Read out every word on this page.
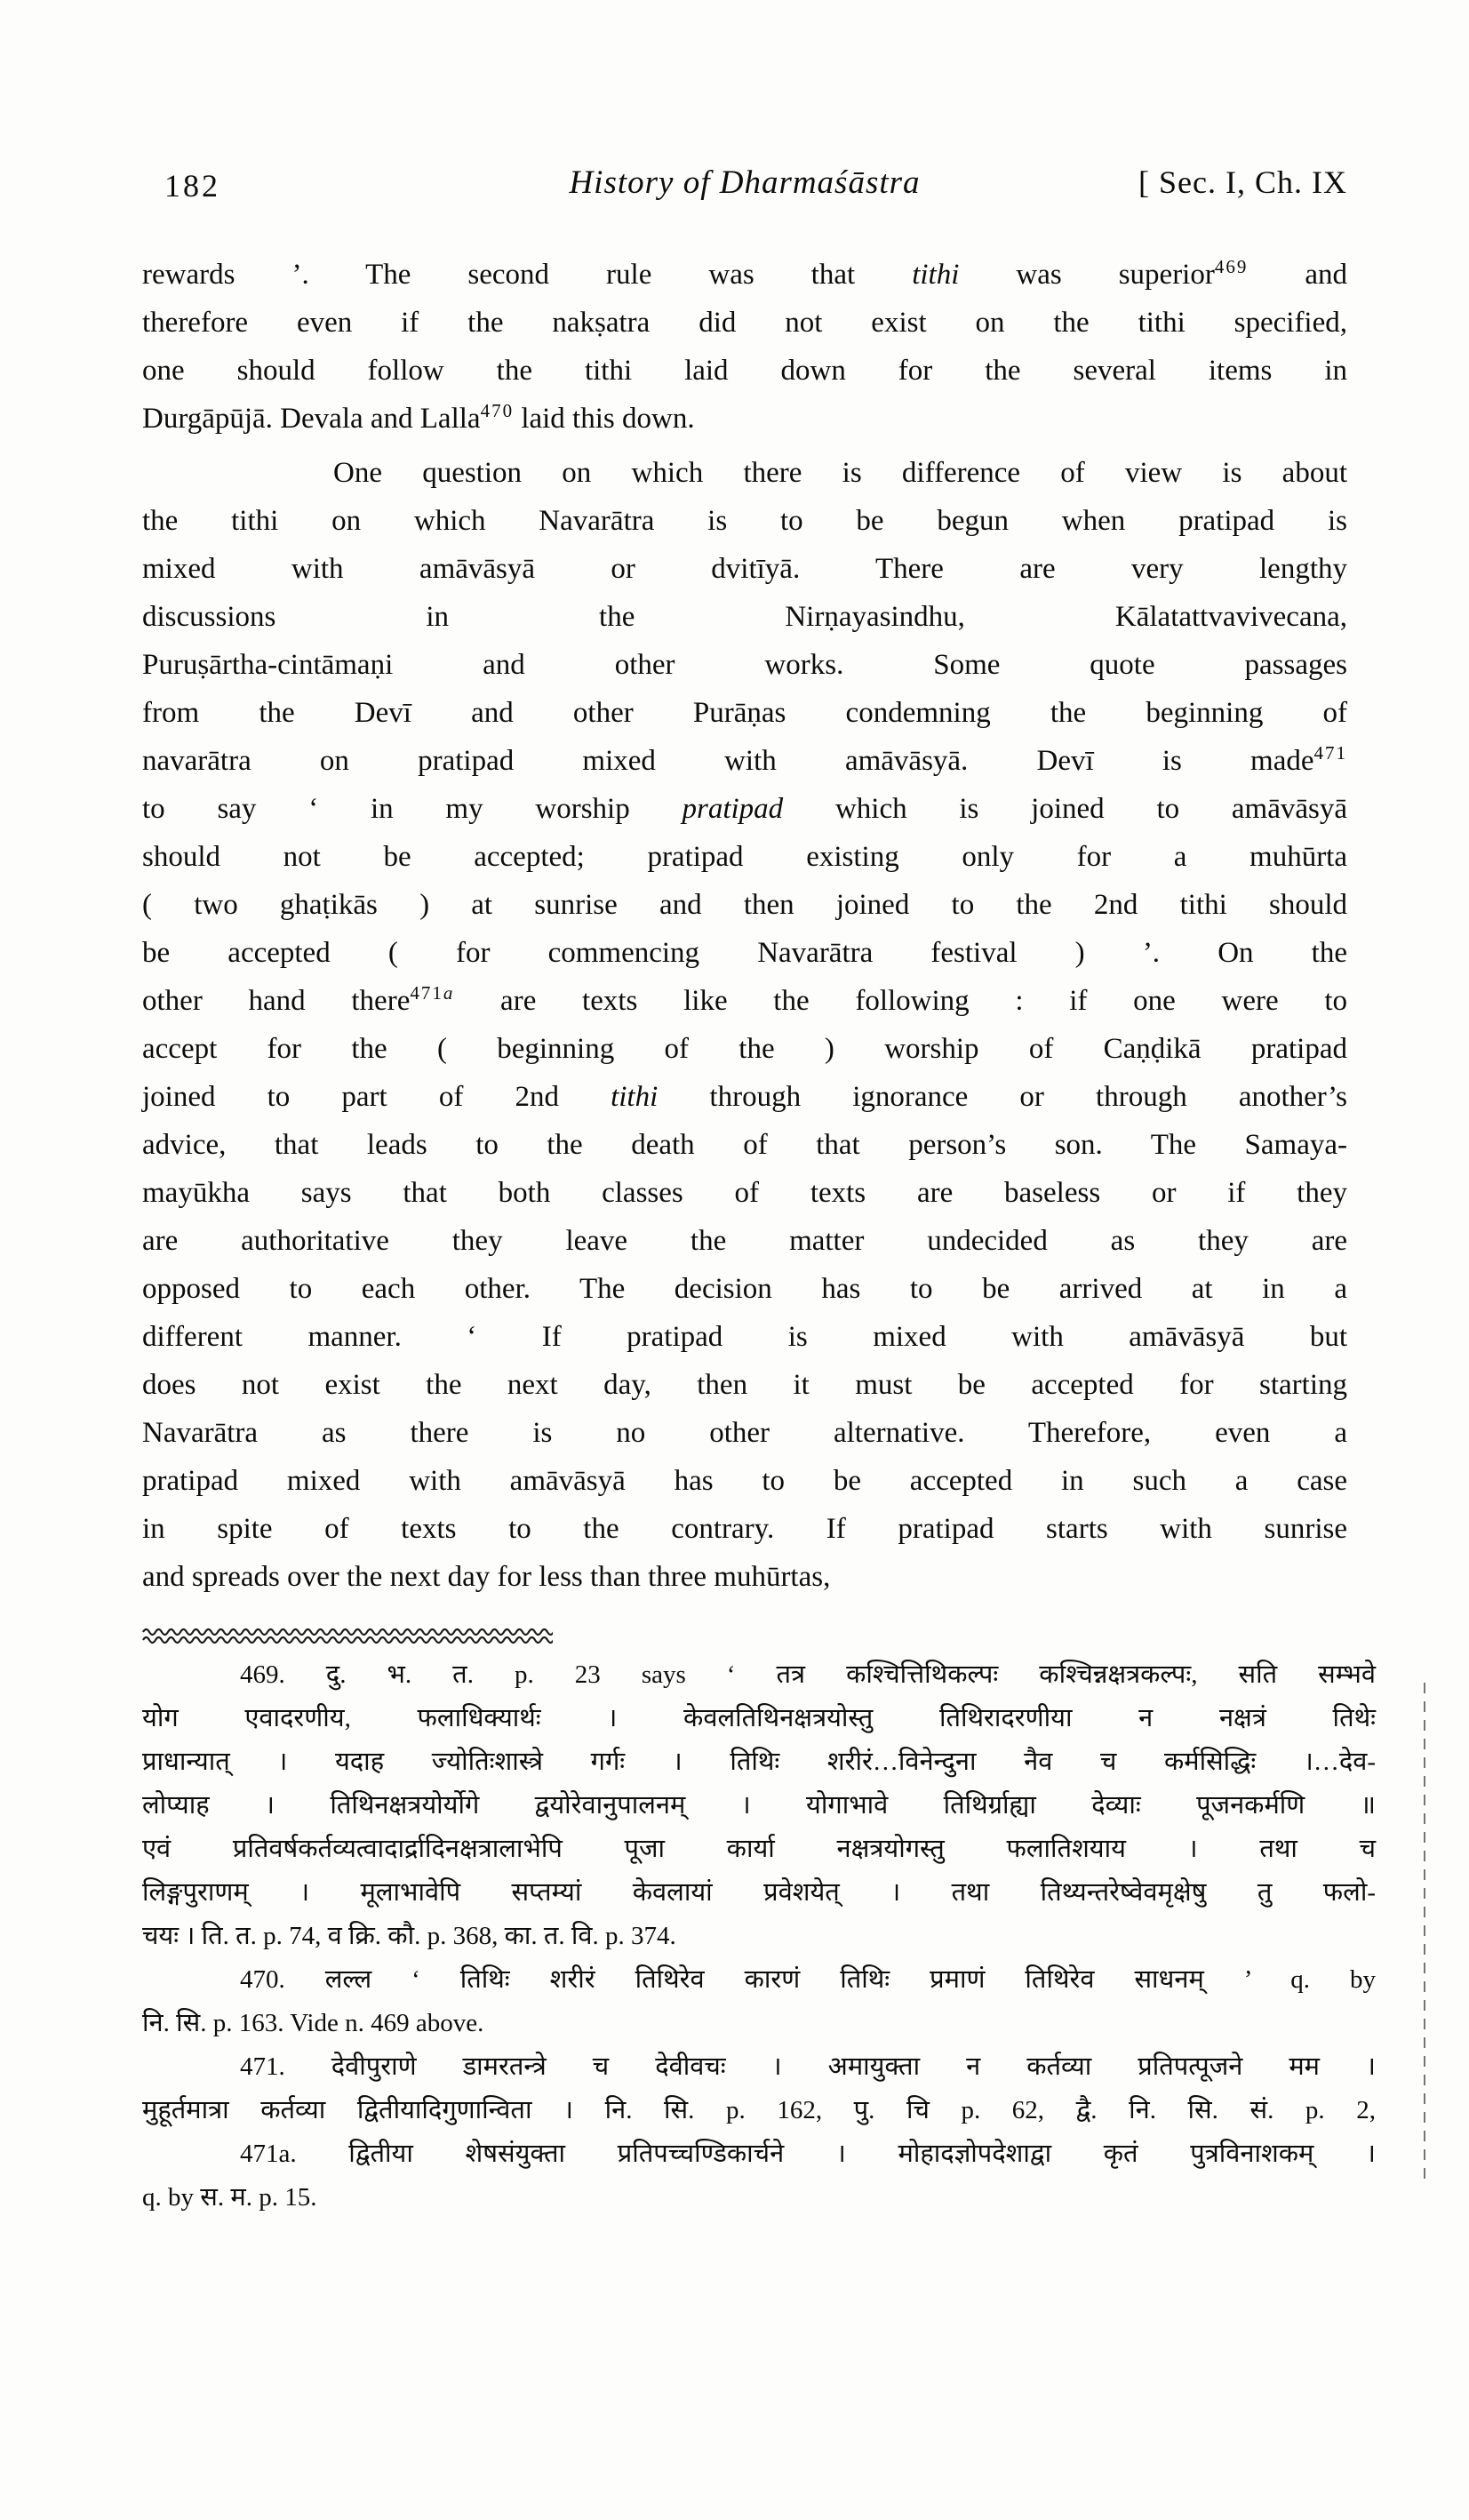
182	History of Dharmaśāstra	[ Sec. I, Ch. IX
rewards ’. The second rule was that tithi was superior$^{469}$ and
therefore even if the nakṣatra did not exist on the tithi specified,
one should follow the tithi laid down for the several items in
Durgāpūjā. Devala and Lalla$^{470}$ laid this down.
One question on which there is difference of view is about
the tithi on which Navarātra is to be begun when pratipad is
mixed with amāvāsyā or dvitīyā. There are very lengthy
discussions in the Nirṇayasindhu, Kālatattvavivecana,
Puruṣārtha-cintāmaṇi and other works. Some quote passages
from the Devī and other Purāṇas condemning the beginning of
navarātra on pratipad mixed with amāvāsyā. Devī is made$^{471}$
to say ‘ in my worship pratipad which is joined to amāvāsyā
should not be accepted; pratipad existing only for a muhūrta
( two ghaṭikās ) at sunrise and then joined to the 2nd tithi should
be accepted ( for commencing Navarātra festival ) ’. On the
other hand there$^{471a}$ are texts like the following : if one were to
accept for the ( beginning of the ) worship of Caṇḍikā pratipad
joined to part of 2nd tithi through ignorance or through another’s
advice, that leads to the death of that person’s son. The Samaya-
mayūkha says that both classes of texts are baseless or if they
are authoritative they leave the matter undecided as they are
opposed to each other. The decision has to be arrived at in a
different manner. ‘ If pratipad is mixed with amāvāsyā but
does not exist the next day, then it must be accepted for starting
Navarātra as there is no other alternative. Therefore, even a
pratipad mixed with amāvāsyā has to be accepted in such a case
in spite of texts to the contrary. If pratipad starts with sunrise
and spreads over the next day for less than three muhūrtas,
469. दु. भ. त. p. 23 says ‘ तत्र कश्चित्तिथिकल्पः कश्चिन्नक्षत्रकल्पः, सति सम्भवे
योग एवादरणीय, फलाधिक्यार्थः । केवलतिथिनक्षत्रयोस्तु तिथिरादरणीया न नक्षत्रं तिथेः
प्राधान्यात् । यदाह ज्योतिःशास्त्रे गर्गः । तिथिः शरीरं…विनेन्दुना नैव च कर्मसिद्धिः ।…देव-
लोप्याह । तिथिनक्षत्रयोर्योगे द्वयोरेवानुपालनम् । योगाभावे तिथिर्ग्राह्या देव्याः पूजनकर्मणि ॥
एवं प्रतिवर्षकर्तव्यत्वादार्द्रादिनक्षत्रालाभेपि पूजा कार्या नक्षत्रयोगस्तु फलातिशयाय । तथा च
लिङ्गपुराणम् । मूलाभावेपि सप्तम्यां केवलायां प्रवेशयेत् । तथा तिथ्यन्तरेष्वेवमृक्षेषु तु फलो-
चयः । ति. त. p. 74, व क्रि. कौ. p. 368, का. त. वि. p. 374.
470. लल्ल ‘ तिथिः शरीरं तिथिरेव कारणं तिथिः प्रमाणं तिथिरेव साधनम् ’ q. by
नि. सि. p. 163. Vide n. 469 above.
471. देवीपुराणे डामरतन्त्रे च देवीवचः । अमायुक्ता न कर्तव्या प्रतिपत्पूजने मम ।
मुहूर्तमात्रा कर्तव्या द्वितीयादिगुणान्विता । नि. सि. p. 162, पु. चि p. 62, द्वै. नि. सि. सं. p. 2,
471a. द्वितीया शेषसंयुक्ता प्रतिपच्चण्डिकार्चने । मोहादज्ञोपदेशाद्वा कृतं पुत्रविनाशकम् ।
q. by स. म. p. 15.
